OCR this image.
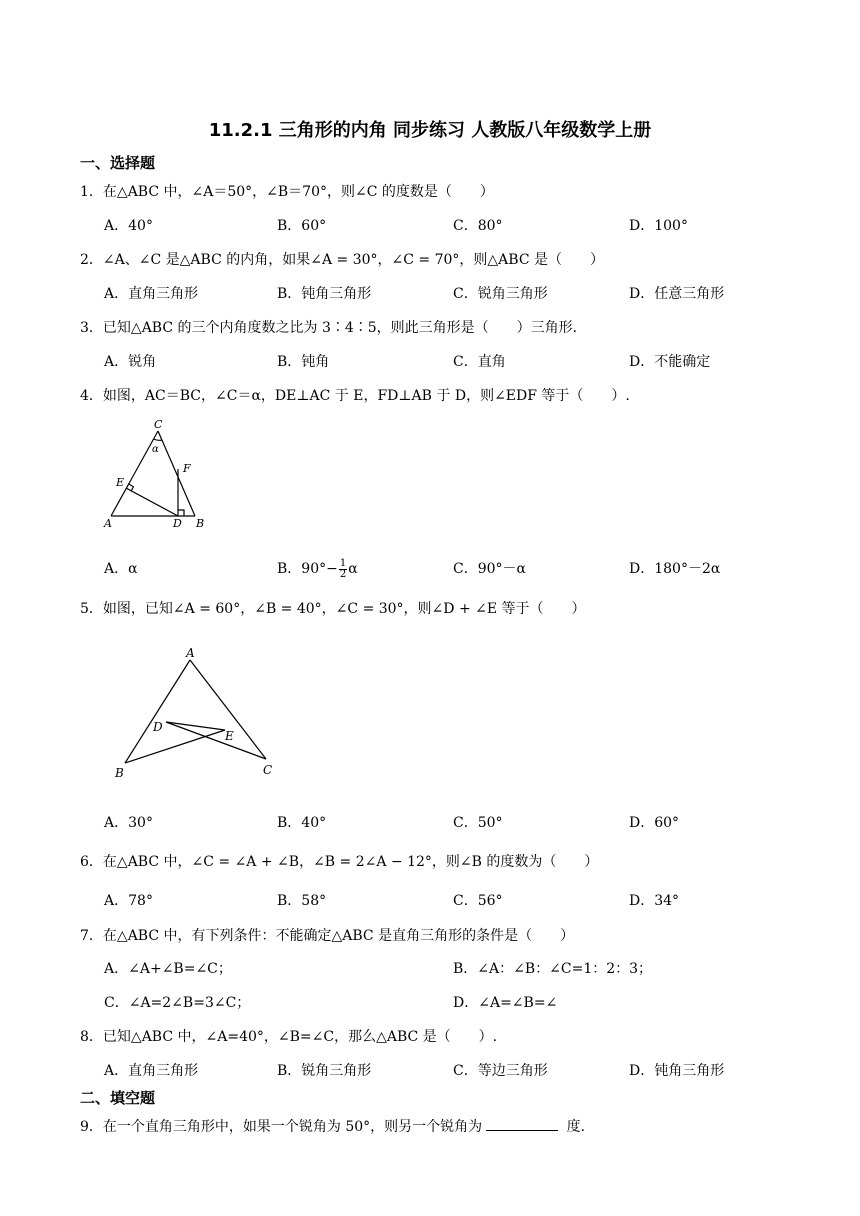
11.2.1 三角形的内角 同步练习 人教版八年级数学上册
一、选择题
1．在△ABC 中，∠A＝50°，∠B＝70°，则∠C 的度数是（　　）
A．40°	B．60°	C．80°	D．100°
2．∠A、∠C 是△ABC 的内角，如果∠A = 30°，∠C = 70°，则△ABC 是（　　）
A．直角三角形	B．钝角三角形	C．锐角三角形	D．任意三角形
3．已知△ABC 的三个内角度数之比为 3∶4∶5，则此三角形是（　　）三角形．
A．锐角	B．钝角	C．直角	D．不能确定
4．如图，AC＝BC，∠C＝α，DE⊥AC 于 E，FD⊥AB 于 D，则∠EDF 等于（　　）.
C
α
F
E
A	D B
A．α	B．$90^\circ- \frac{1}{2}$ α	C．90°－α	D．180°－2α
5．如图，已知∠A = 60°，∠B = 40°，∠C = 30°，则∠D + ∠E 等于（　　）
A
D
E
B	C
A．30°	B．40°	C．50°	D．60°
6．在△ABC 中，∠C = ∠A + ∠B，∠B = 2∠A − 12°，则∠B 的度数为（　　）
A．78°	B．58°	C．56°	D．34°
7．在△ABC 中，有下列条件：不能确定△ABC 是直角三角形的条件是（　　）
A．∠A+∠B=∠C；	B．∠A：∠B：∠C=1：2：3；
C．∠A=2∠B=3∠C；	D．∠A=∠B=∠
8．已知△ABC 中，∠A=40°，∠B=∠C，那么△ABC 是（　　）.
A．直角三角形	B．锐角三角形	C．等边三角形	D．钝角三角形
二、填空题
9．在一个直角三角形中，如果一个锐角为 50°，则另一个锐角为	度．
